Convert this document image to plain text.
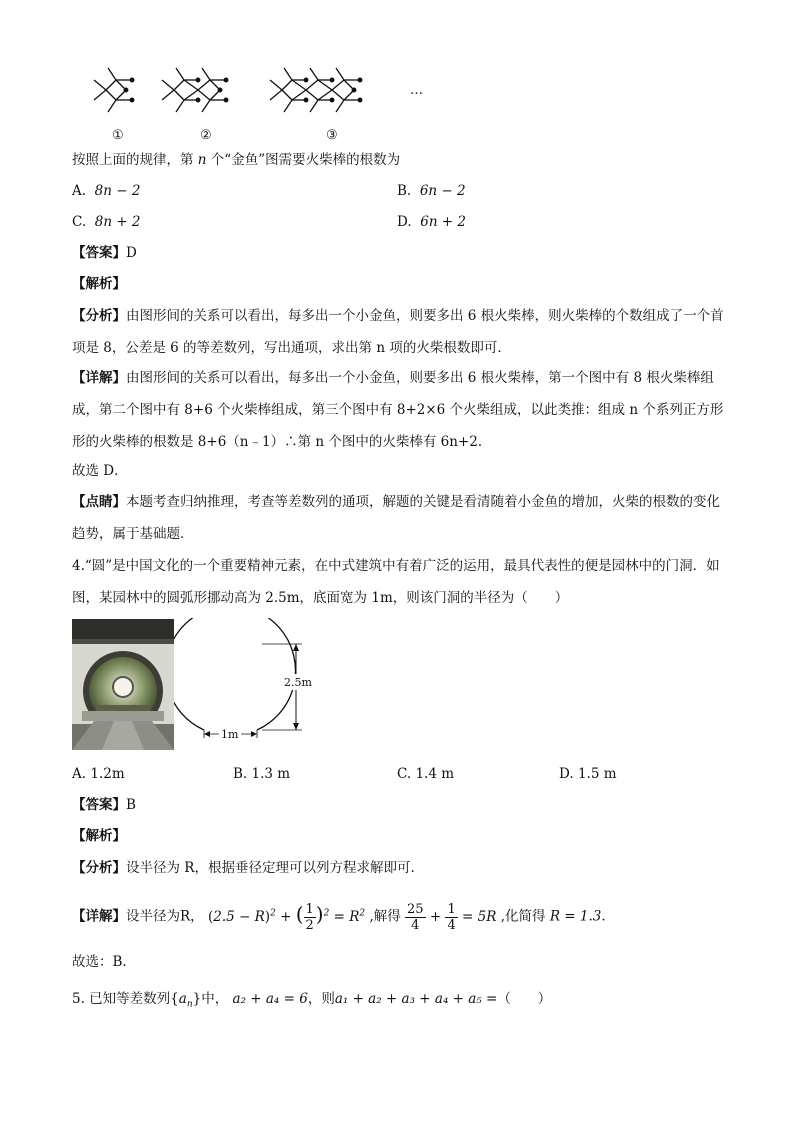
…
①	②	③
按照上面的规律，第 n 个“金鱼”图需要火柴棒的根数为
A. 8n − 2	B. 6n − 2
C. 8n + 2	D. 6n + 2
【答案】D
【解析】
【分析】由图形间的关系可以看出，每多出一个小金鱼，则要多出 6 根火柴棒，则火柴棒的个数组成了一个首项是 8，公差是 6 的等差数列，写出通项，求出第 n 项的火柴根数即可．
【详解】由图形间的关系可以看出，每多出一个小金鱼，则要多出 6 根火柴棒，第一个图中有 8 根火柴棒组成，第二个图中有 8+6 个火柴棒组成，第三个图中有 8+2×6 个火柴组成，以此类推：组成 n 个系列正方形形的火柴棒的根数是 8+6（n﹣1）∴第 n 个图中的火柴棒有 6n+2．
故选 D．
【点睛】本题考查归纳推理，考查等差数列的通项，解题的关键是看清随着小金鱼的增加，火柴的根数的变化趋势，属于基础题．
4.“圆”是中国文化的一个重要精神元素，在中式建筑中有着广泛的运用，最具代表性的便是园林中的门洞．如图，某园林中的圆弧形挪动高为 2.5m，底面宽为 1m，则该门洞的半径为（　　）
2.5m
1m
A. 1.2m	B. 1.3 m	C. 1.4 m	D. 1.5 m
【答案】B
【解析】
【分析】设半径为 R，根据垂径定理可以列方程求解即可.
【详解】设半径为R， $(2.5 - R)^2$ + ( $\frac{1}{2} )^2 = R^2$ ,解得 $\frac{25}{4} + \frac{1}{4} = 5R$ ,化简得 R = 1.3.
故选：B.
5. 已知等差数列$\{a_n\}$中， a₂ + a₄ = 6，则a₁ + a₂ + a₃ + a₄ + a₅ =（　　）
